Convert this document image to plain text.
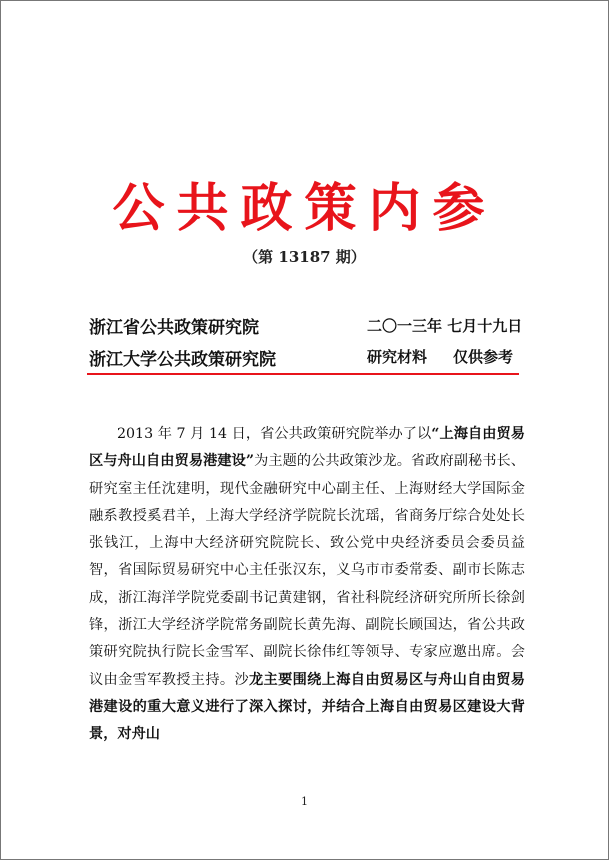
公共政策内参
（第 13187 期）
浙江省公共政策研究院
浙江大学公共政策研究院
二〇一三年 七月十九日
研究材料 仅供参考
2013 年 7 月 14 日，省公共政策研究院举办了以“上海自由贸易区与舟山自由贸易港建设”为主题的公共政策沙龙。省政府副秘书长、研究室主任沈建明，现代金融研究中心副主任、上海财经大学国际金融系教授奚君羊，上海大学经济学院院长沈瑶，省商务厅综合处处长张钱江，上海中大经济研究院院长、致公党中央经济委员会委员益智，省国际贸易研究中心主任张汉东，义乌市市委常委、副市长陈志成，浙江海洋学院党委副书记黄建钢，省社科院经济研究所所长徐剑锋，浙江大学经济学院常务副院长黄先海、副院长顾国达，省公共政策研究院执行院长金雪军、副院长徐伟红等领导、专家应邀出席。会议由金雪军教授主持。沙龙主要围绕上海自由贸易区与舟山自由贸易港建设的重大意义进行了深入探讨，并结合上海自由贸易区建设大背景，对舟山
1
